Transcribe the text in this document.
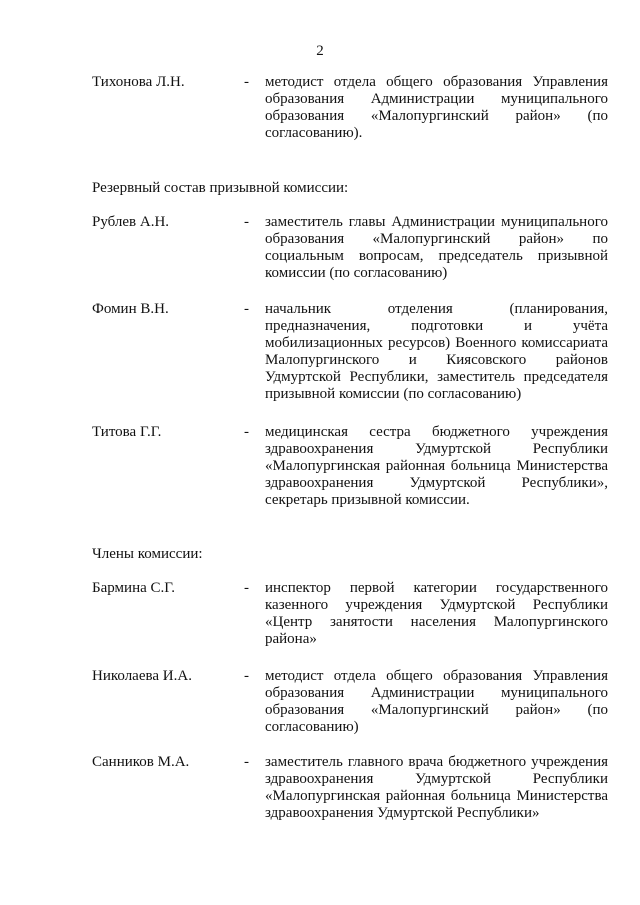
2
Тихонова Л.Н.	- методист отдела общего образования Управления образования Администрации муниципального образования «Малопургинский район» (по согласованию).
Резервный состав призывной комиссии:
Рублев А.Н.	- заместитель главы Администрации муниципального образования «Малопургинский район» по социальным вопросам, председатель призывной комиссии (по согласованию)
Фомин В.Н.	- начальник отделения (планирования, предназначения, подготовки и учёта мобилизационных ресурсов) Военного комиссариата Малопургинского и Киясовского районов Удмуртской Республики, заместитель председателя призывной комиссии (по согласованию)
Титова Г.Г.	- медицинская сестра бюджетного учреждения здравоохранения Удмуртской Республики «Малопургинская районная больница Министерства здравоохранения Удмуртской Республики», секретарь призывной комиссии.
Члены комиссии:
Бармина С.Г.	- инспектор первой категории государственного казенного учреждения Удмуртской Республики «Центр занятости населения Малопургинского района»
Николаева И.А.	- методист отдела общего образования Управления образования Администрации муниципального образования «Малопургинский район» (по согласованию)
Санников М.А.	- заместитель главного врача бюджетного учреждения здравоохранения Удмуртской Республики «Малопургинская районная больница Министерства здравоохранения Удмуртской Республики»
